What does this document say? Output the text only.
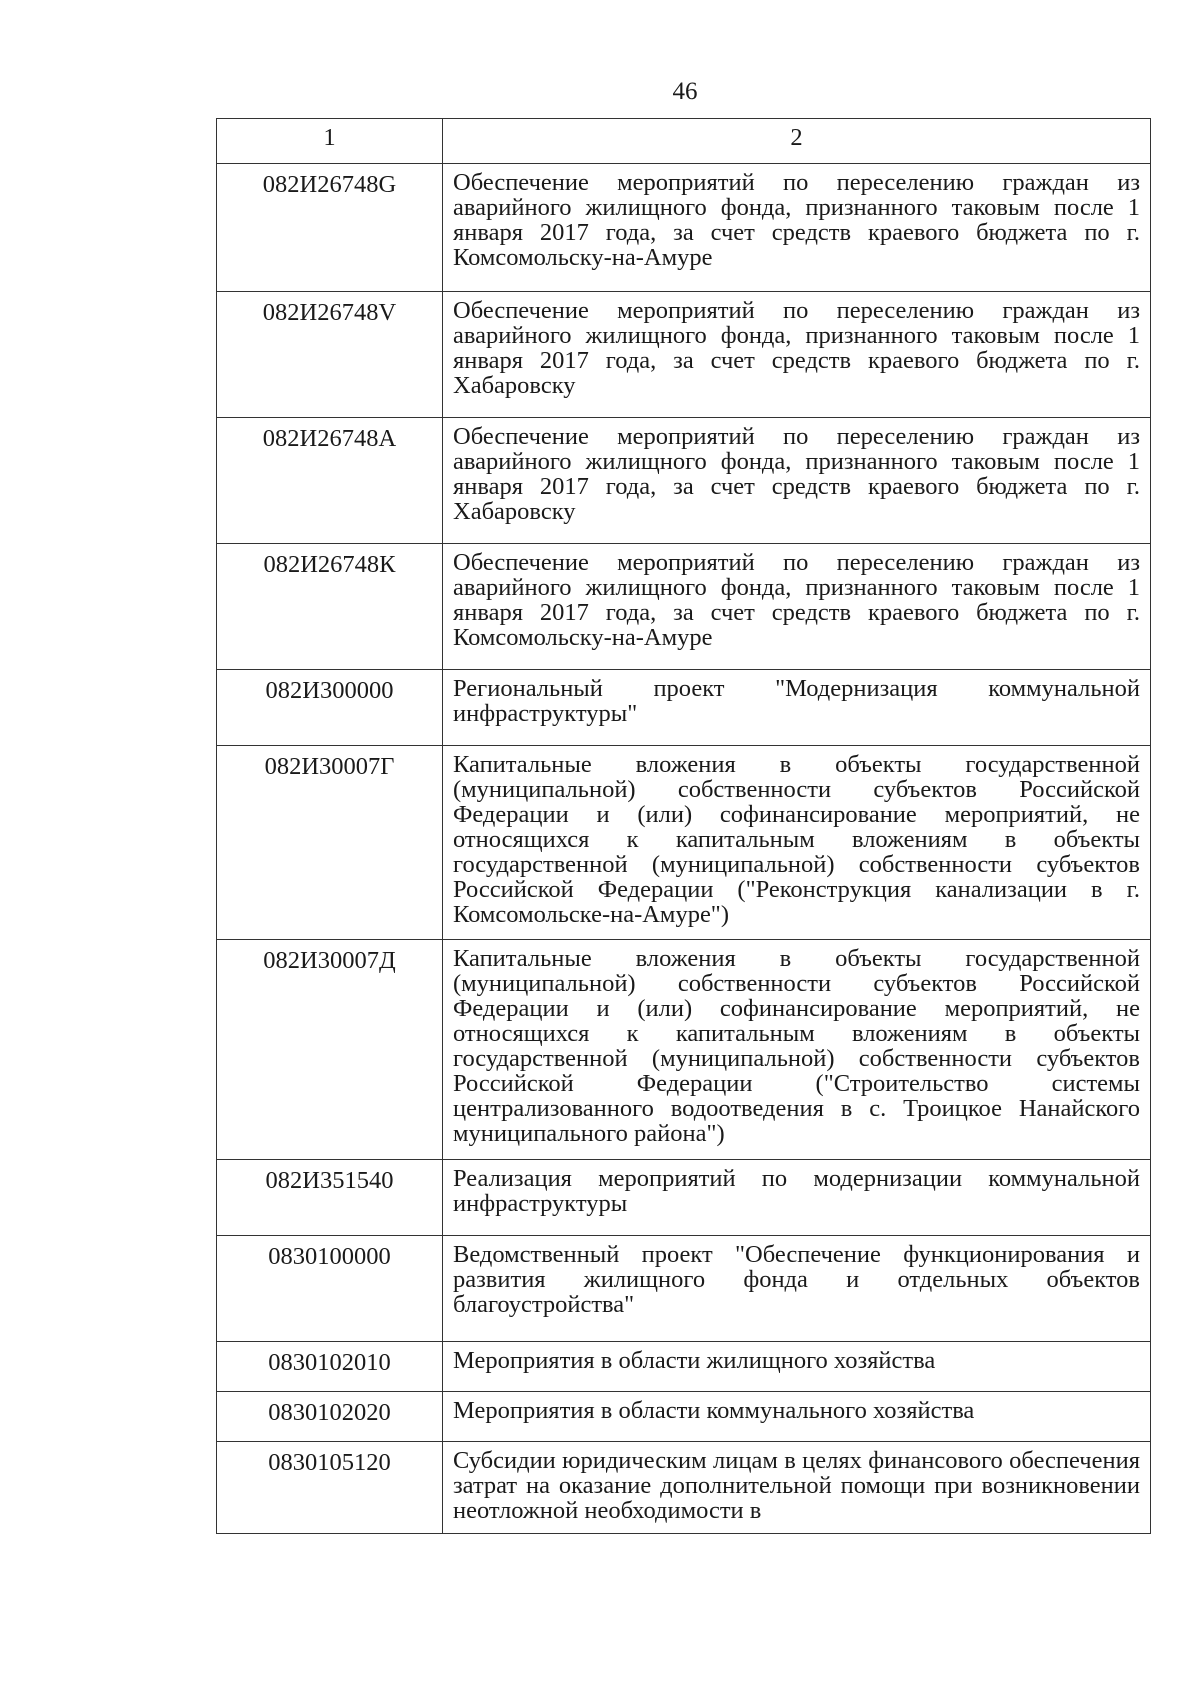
46
1	2
082И26748G	Обеспечение мероприятий по переселению граждан из аварийного жилищного фонда, признанного таковым после 1 января 2017 года, за счет средств краевого бюджета по г. Комсомольску-на-Амуре
082И26748V	Обеспечение мероприятий по переселению граждан из аварийного жилищного фонда, признанного таковым после 1 января 2017 года, за счет средств краевого бюджета по г. Хабаровску
082И26748A	Обеспечение мероприятий по переселению граждан из аварийного жилищного фонда, признанного таковым после 1 января 2017 года, за счет средств краевого бюджета по г. Хабаровску
082И26748К	Обеспечение мероприятий по переселению граждан из аварийного жилищного фонда, признанного таковым после 1 января 2017 года, за счет средств краевого бюджета по г. Комсомольску-на-Амуре
082И300000	Региональный проект "Модернизация коммунальной инфраструктуры"
082И30007Г	Капитальные вложения в объекты государственной (муниципальной) собственности субъектов Российской Федерации и (или) софинансирование мероприятий, не относящихся к капитальным вложениям в объекты государственной (муниципальной) собственности субъектов Российской Федерации ("Реконструкция канализации в г. Комсомольске-на-Амуре")
082И30007Д	Капитальные вложения в объекты государственной (муниципальной) собственности субъектов Российской Федерации и (или) софинансирование мероприятий, не относящихся к капитальным вложениям в объекты государственной (муниципальной) собственности субъектов Российской Федерации ("Строительство системы централизованного водоотведения в с. Троицкое Нанайского муниципального района")
082И351540	Реализация мероприятий по модернизации коммунальной инфраструктуры
0830100000	Ведомственный проект "Обеспечение функционирования и развития жилищного фонда и отдельных объектов благоустройства"
0830102010	Мероприятия в области жилищного хозяйства
0830102020	Мероприятия в области коммунального хозяйства
0830105120	Субсидии юридическим лицам в целях финансового обеспечения затрат на оказание дополнительной помощи при возникновении неотложной необходимости в
